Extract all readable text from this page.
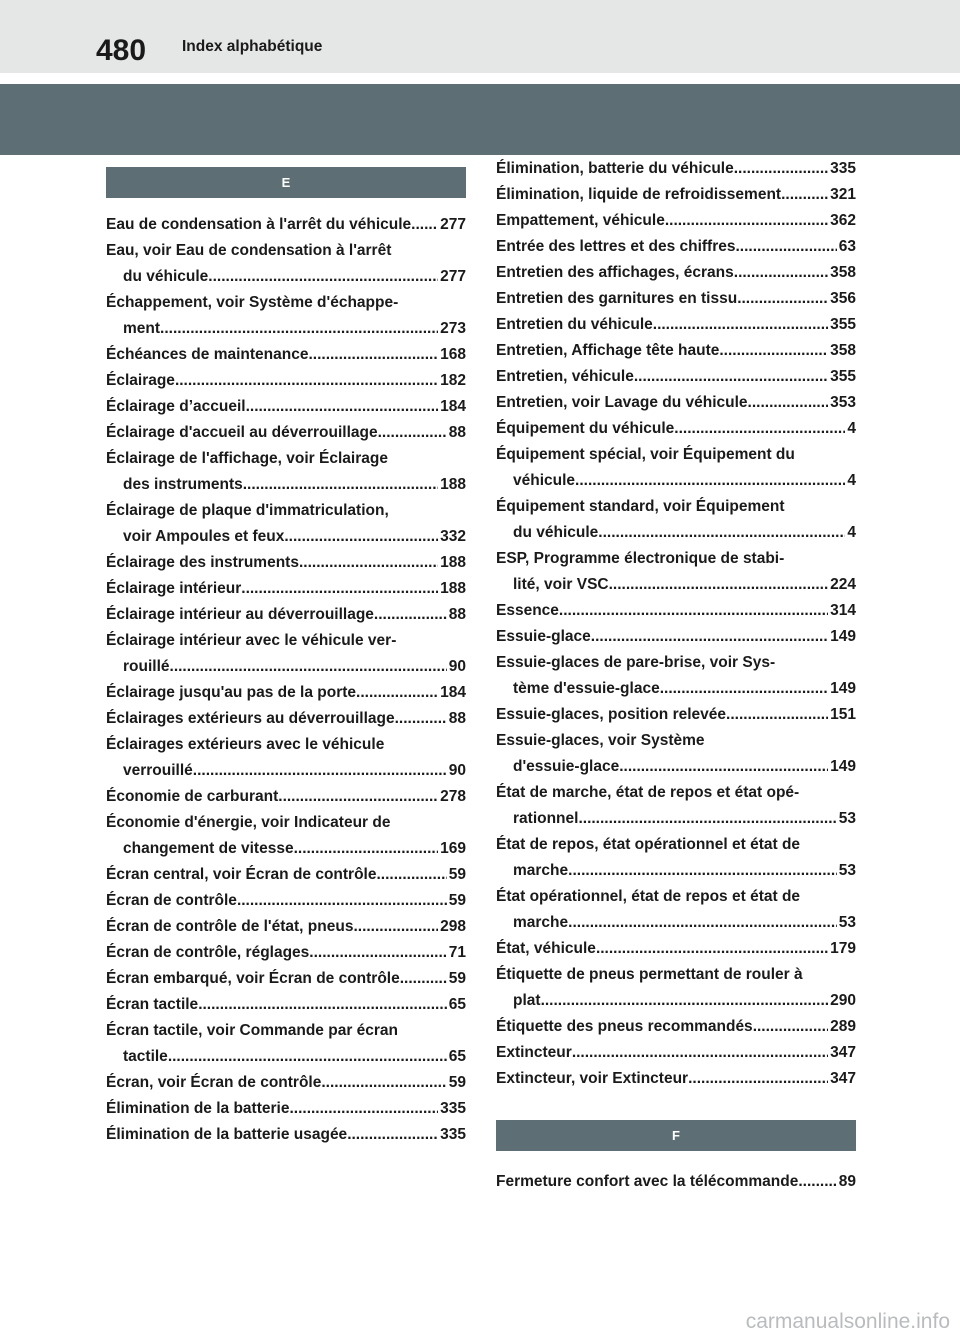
480 Index alphabétique
E
Eau de condensation à l'arrêt du véhicule ..... 277
Eau, voir Eau de condensation à l'arrêt
du véhicule .....	277
Échappement, voir Système d'échappe-
ment .....	273
Échéances de maintenance .....	168
Éclairage .....	182
Éclairage d’accueil .....	184
Éclairage d'accueil au déverrouillage .....	88
Éclairage de l'affichage, voir Éclairage
des instruments .....	188
Éclairage de plaque d'immatriculation,
voir Ampoules et feux .....	332
Éclairage des instruments .....	188
Éclairage intérieur .....	188
Éclairage intérieur au déverrouillage .....	88
Éclairage intérieur avec le véhicule ver-
rouillé .....	90
Éclairage jusqu'au pas de la porte .....	184
Éclairages extérieurs au déverrouillage .....	88
Éclairages extérieurs avec le véhicule
verrouillé .....	90
Économie de carburant .....	278
Économie d'énergie, voir Indicateur de
changement de vitesse .....	169
Écran central, voir Écran de contrôle .....	59
Écran de contrôle .....	59
Écran de contrôle de l'état, pneus .....	298
Écran de contrôle, réglages .....	71
Écran embarqué, voir Écran de contrôle .....	59
Écran tactile .....	65
Écran tactile, voir Commande par écran
tactile .....	65
Écran, voir Écran de contrôle .....	59
Élimination de la batterie .....	335
Élimination de la batterie usagée .....	335
Élimination, batterie du véhicule .....	335
Élimination, liquide de refroidissement .....	321
Empattement, véhicule .....	362
Entrée des lettres et des chiffres .....	63
Entretien des affichages, écrans .....	358
Entretien des garnitures en tissu .....	356
Entretien du véhicule .....	355
Entretien, Affichage tête haute .....	358
Entretien, véhicule .....	355
Entretien, voir Lavage du véhicule .....	353
Équipement du véhicule .....	4
Équipement spécial, voir Équipement du
véhicule .....	4
Équipement standard, voir Équipement
du véhicule .....	4
ESP, Programme électronique de stabi-
lité, voir VSC .....	224
Essence .....	314
Essuie-glace .....	149
Essuie-glaces de pare-brise, voir Sys-
tème d'essuie-glace .....	149
Essuie-glaces, position relevée .....	151
Essuie-glaces, voir Système
d'essuie-glace .....	149
État de marche, état de repos et état opé-
rationnel .....	53
État de repos, état opérationnel et état de
marche .....	53
État opérationnel, état de repos et état de
marche .....	53
État, véhicule .....	179
Étiquette de pneus permettant de rouler à
plat .....	290
Étiquette des pneus recommandés .....	289
Extincteur .....	347
Extincteur, voir Extincteur .....	347
F
Fermeture confort avec la télécommande .....	89
carmanualsonline.info
